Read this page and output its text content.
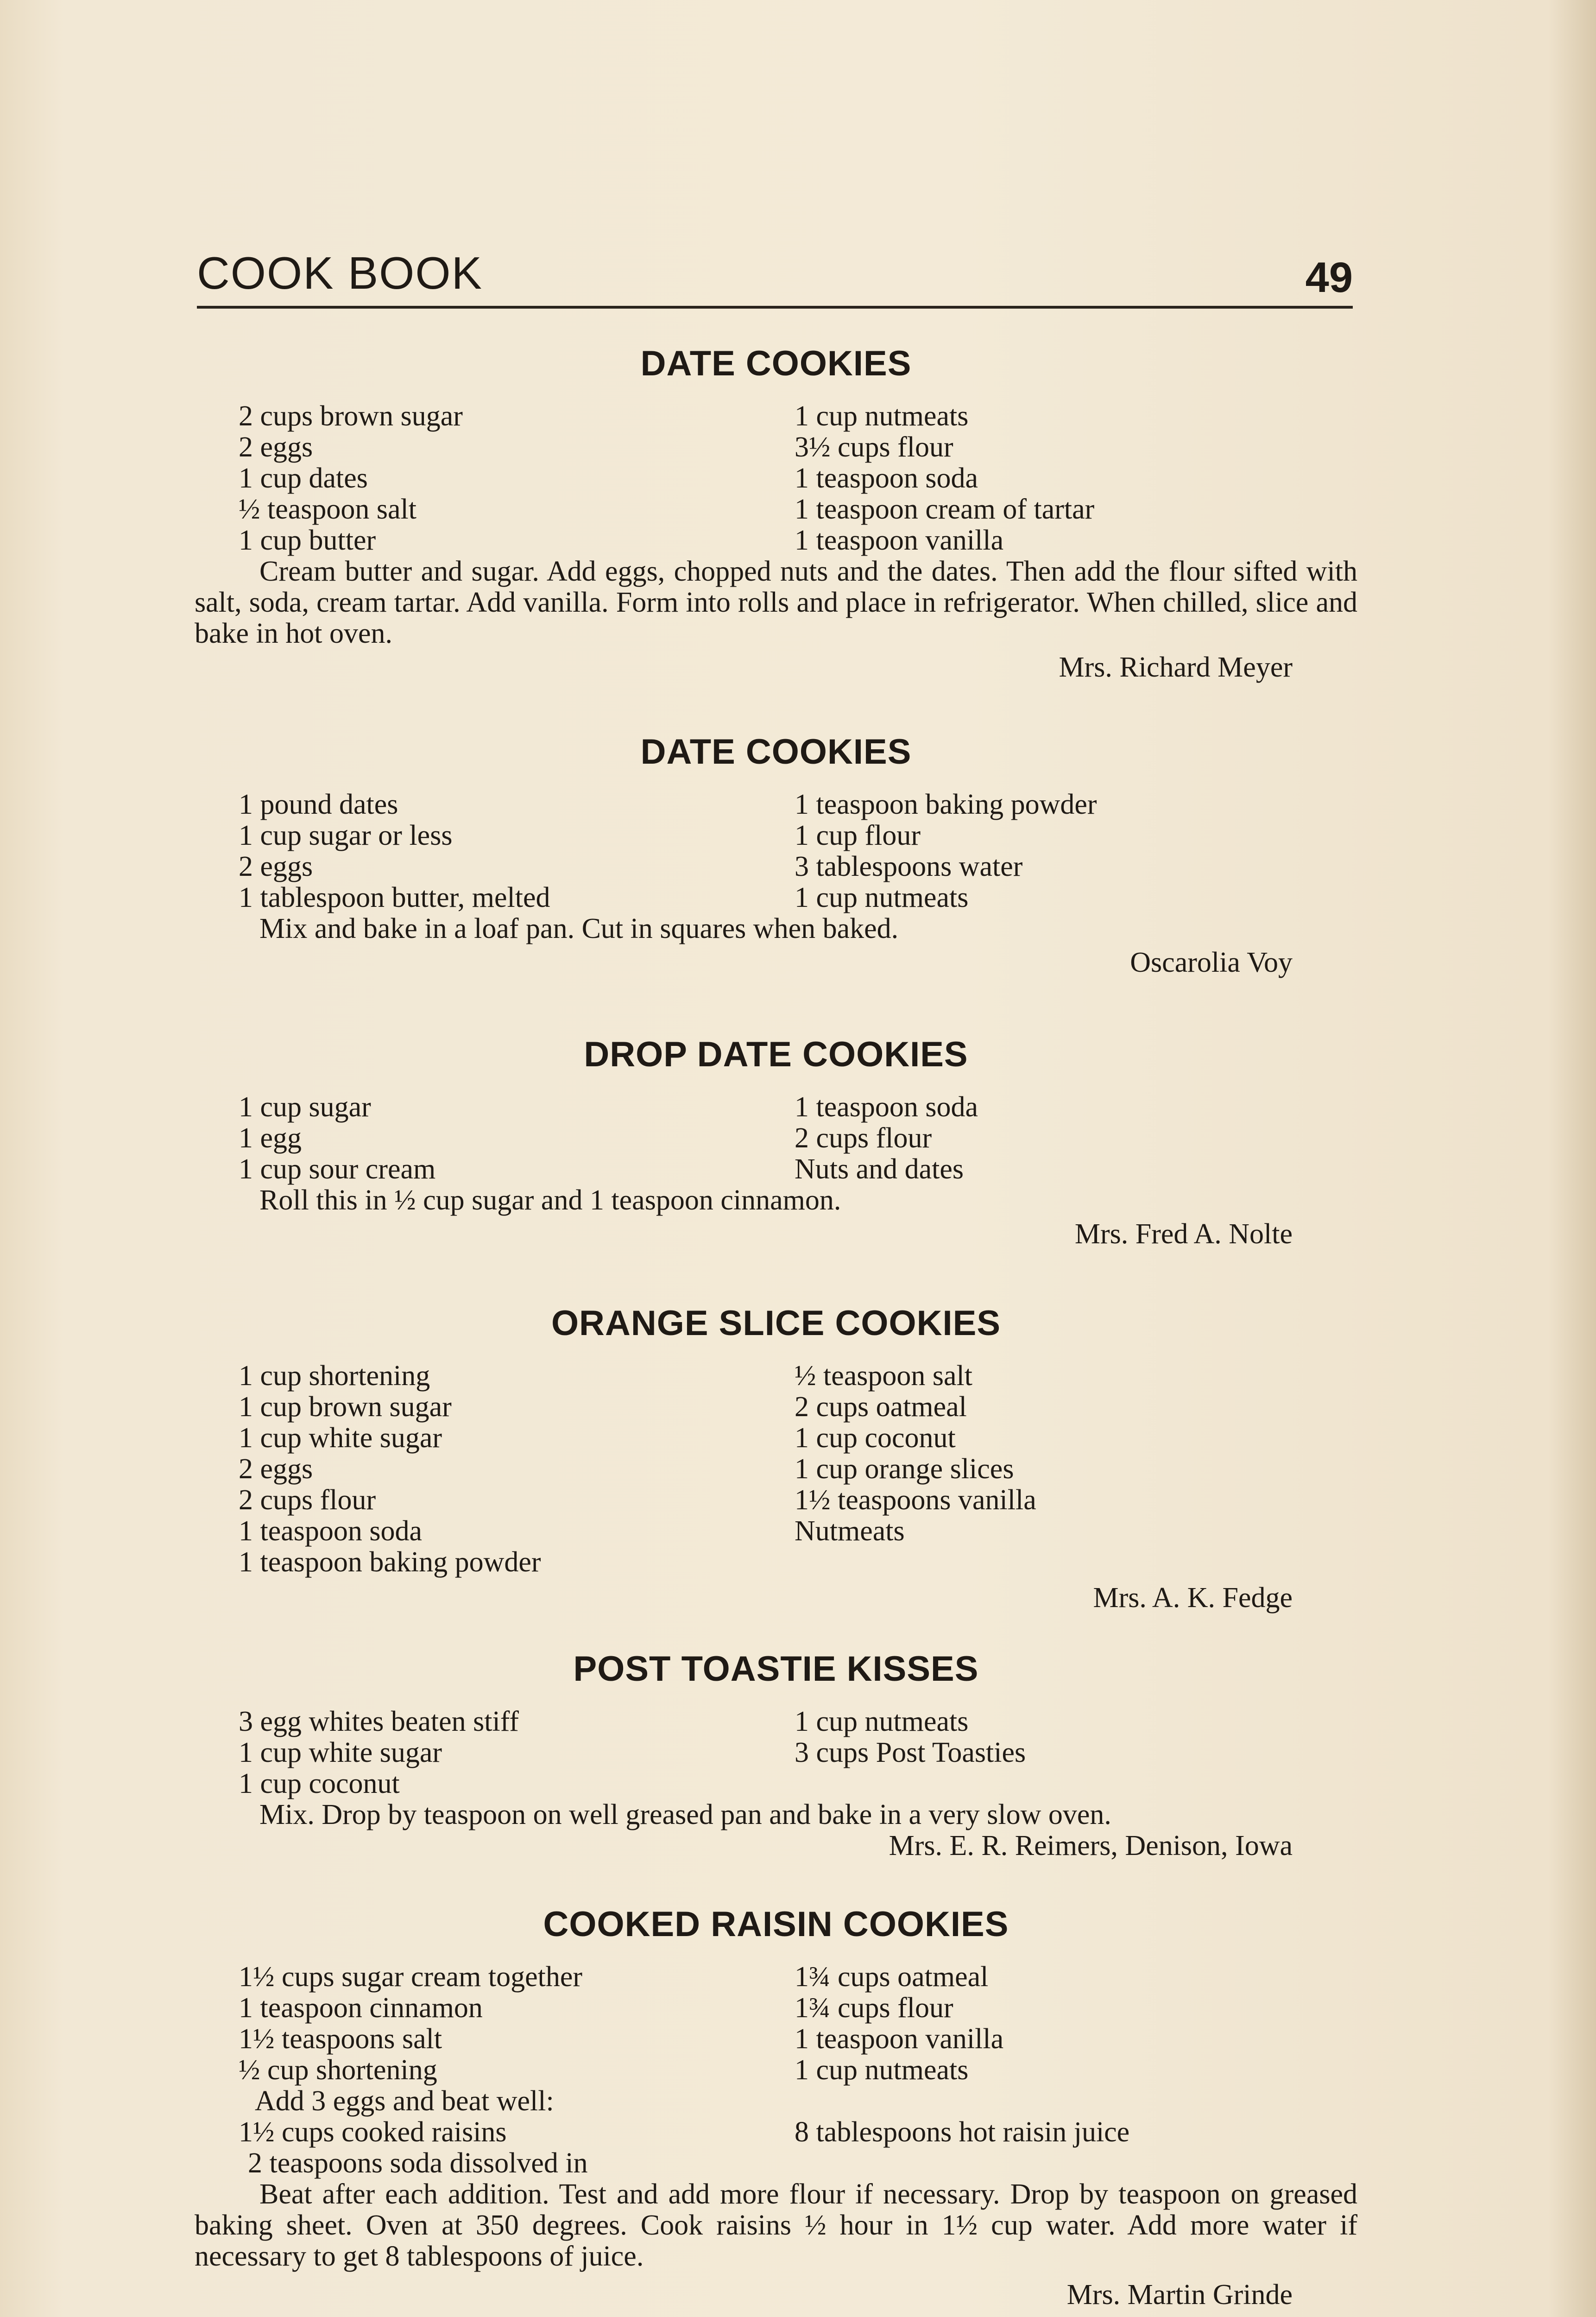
COOK BOOK	49
DATE COOKIES
2 cups brown sugar
2 eggs
1 cup dates
½ teaspoon salt
1 cup butter
1 cup nutmeats
3½ cups flour
1 teaspoon soda
1 teaspoon cream of tartar
1 teaspoon vanilla
Cream butter and sugar. Add eggs, chopped nuts and the dates. Then add the flour sifted with salt, soda, cream tartar. Add vanilla. Form into rolls and place in refrigerator. When chilled, slice and bake in hot oven.
Mrs. Richard Meyer
DATE COOKIES
1 pound dates
1 cup sugar or less
2 eggs
1 tablespoon butter, melted
1 teaspoon baking powder
1 cup flour
3 tablespoons water
1 cup nutmeats
Mix and bake in a loaf pan. Cut in squares when baked.
Oscarolia Voy
DROP DATE COOKIES
1 cup sugar
1 egg
1 cup sour cream
1 teaspoon soda
2 cups flour
Nuts and dates
Roll this in ½ cup sugar and 1 teaspoon cinnamon.
Mrs. Fred A. Nolte
ORANGE SLICE COOKIES
1 cup shortening
1 cup brown sugar
1 cup white sugar
2 eggs
2 cups flour
1 teaspoon soda
1 teaspoon baking powder
½ teaspoon salt
2 cups oatmeal
1 cup coconut
1 cup orange slices
1½ teaspoons vanilla
Nutmeats
Mrs. A. K. Fedge
POST TOASTIE KISSES
3 egg whites beaten stiff
1 cup white sugar
1 cup coconut
1 cup nutmeats
3 cups Post Toasties
Mix. Drop by teaspoon on well greased pan and bake in a very slow oven.
Mrs. E. R. Reimers, Denison, Iowa
COOKED RAISIN COOKIES
1½ cups sugar cream together
1 teaspoon cinnamon
1½ teaspoons salt
½ cup shortening
1¾ cups oatmeal
1¾ cups flour
1 teaspoon vanilla
1 cup nutmeats
Add 3 eggs and beat well:
1½ cups cooked raisins
2 teaspoons soda dissolved in
8 tablespoons hot raisin juice
Beat after each addition. Test and add more flour if necessary. Drop by teaspoon on greased baking sheet. Oven at 350 degrees. Cook raisins ½ hour in 1½ cup water. Add more water if necessary to get 8 tablespoons of juice.
Mrs. Martin Grinde
